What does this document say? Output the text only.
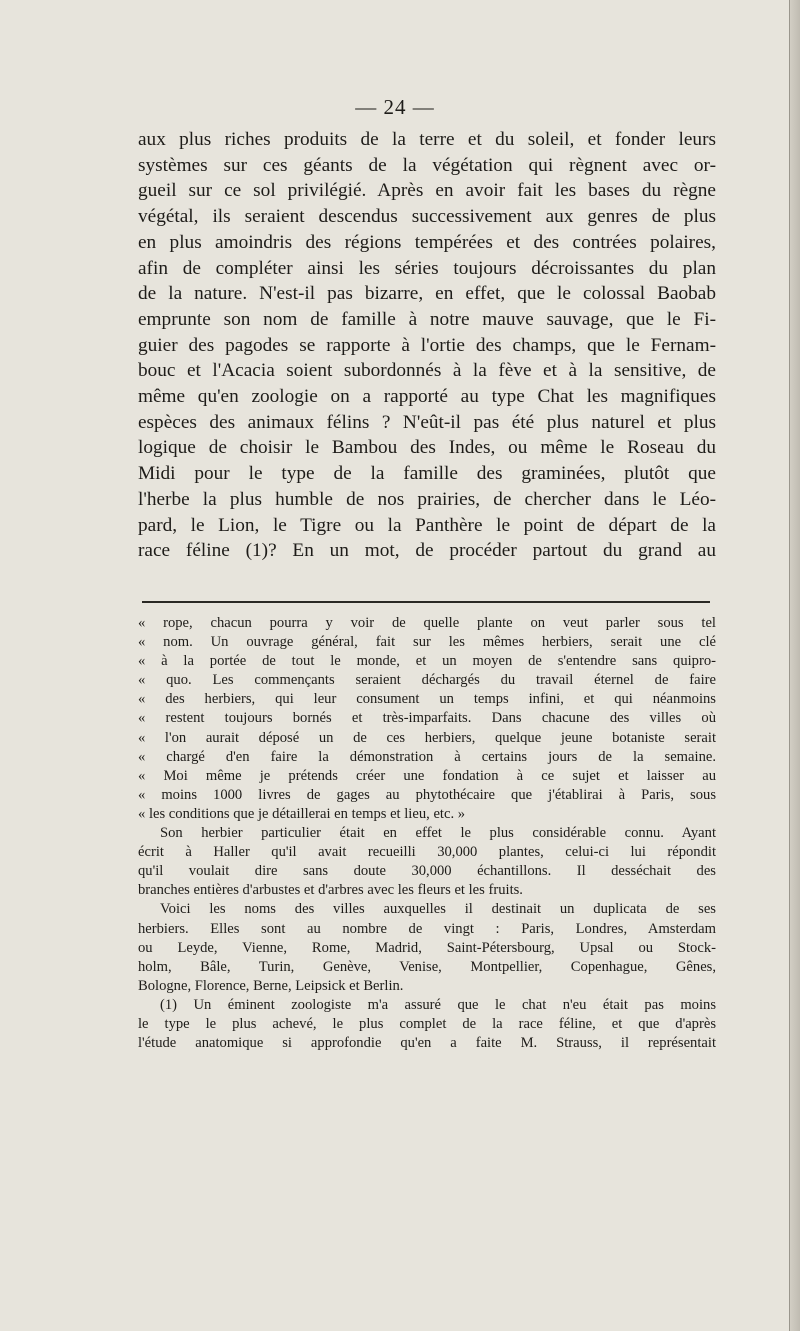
— 24 —
aux plus riches produits de la terre et du soleil, et fonder leurs
systèmes sur ces géants de la végétation qui règnent avec or-
gueil sur ce sol privilégié. Après en avoir fait les bases du règne
végétal, ils seraient descendus successivement aux genres de plus
en plus amoindris des régions tempérées et des contrées polaires,
afin de compléter ainsi les séries toujours décroissantes du plan
de la nature. N'est-il pas bizarre, en effet, que le colossal Baobab
emprunte son nom de famille à notre mauve sauvage, que le Fi-
guier des pagodes se rapporte à l'ortie des champs, que le Fernam-
bouc et l'Acacia soient subordonnés à la fève et à la sensitive, de
même qu'en zoologie on a rapporté au type Chat les magnifiques
espèces des animaux félins ? N'eût-il pas été plus naturel et plus
logique de choisir le Bambou des Indes, ou même le Roseau du
Midi pour le type de la famille des graminées, plutôt que
l'herbe la plus humble de nos prairies, de chercher dans le Léo-
pard, le Lion, le Tigre ou la Panthère le point de départ de la
race féline (1)? En un mot, de procéder partout du grand au
« rope, chacun pourra y voir de quelle plante on veut parler sous tel
« nom. Un ouvrage général, fait sur les mêmes herbiers, serait une clé
« à la portée de tout le monde, et un moyen de s'entendre sans quipro-
« quo. Les commençants seraient déchargés du travail éternel de faire
« des herbiers, qui leur consument un temps infini, et qui néanmoins
« restent toujours bornés et très-imparfaits. Dans chacune des villes où
« l'on aurait déposé un de ces herbiers, quelque jeune botaniste serait
« chargé d'en faire la démonstration à certains jours de la semaine.
« Moi même je prétends créer une fondation à ce sujet et laisser au
« moins 1000 livres de gages au phytothécaire que j'établirai à Paris, sous
« les conditions que je détaillerai en temps et lieu, etc. »
Son herbier particulier était en effet le plus considérable connu. Ayant
écrit à Haller qu'il avait recueilli 30,000 plantes, celui-ci lui répondit
qu'il voulait dire sans doute 30,000 échantillons. Il desséchait des
branches entières d'arbustes et d'arbres avec les fleurs et les fruits.
Voici les noms des villes auxquelles il destinait un duplicata de ses
herbiers. Elles sont au nombre de vingt : Paris, Londres, Amsterdam
ou Leyde, Vienne, Rome, Madrid, Saint-Pétersbourg, Upsal ou Stock-
holm, Bâle, Turin, Genève, Venise, Montpellier, Copenhague, Gênes,
Bologne, Florence, Berne, Leipsick et Berlin.
(1) Un éminent zoologiste m'a assuré que le chat n'eu était pas moins
le type le plus achevé, le plus complet de la race féline, et que d'après
l'étude anatomique si approfondie qu'en a faite M. Strauss, il représentait
